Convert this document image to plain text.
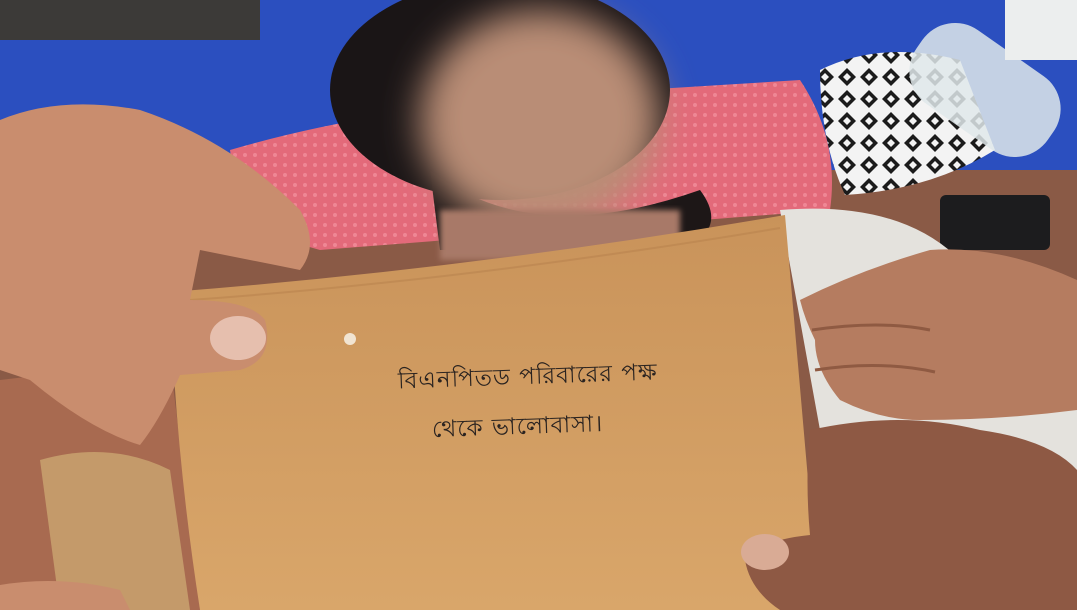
বিএনপিতড পরিবারের পক্ষ
থেকে ভালোবাসা।
